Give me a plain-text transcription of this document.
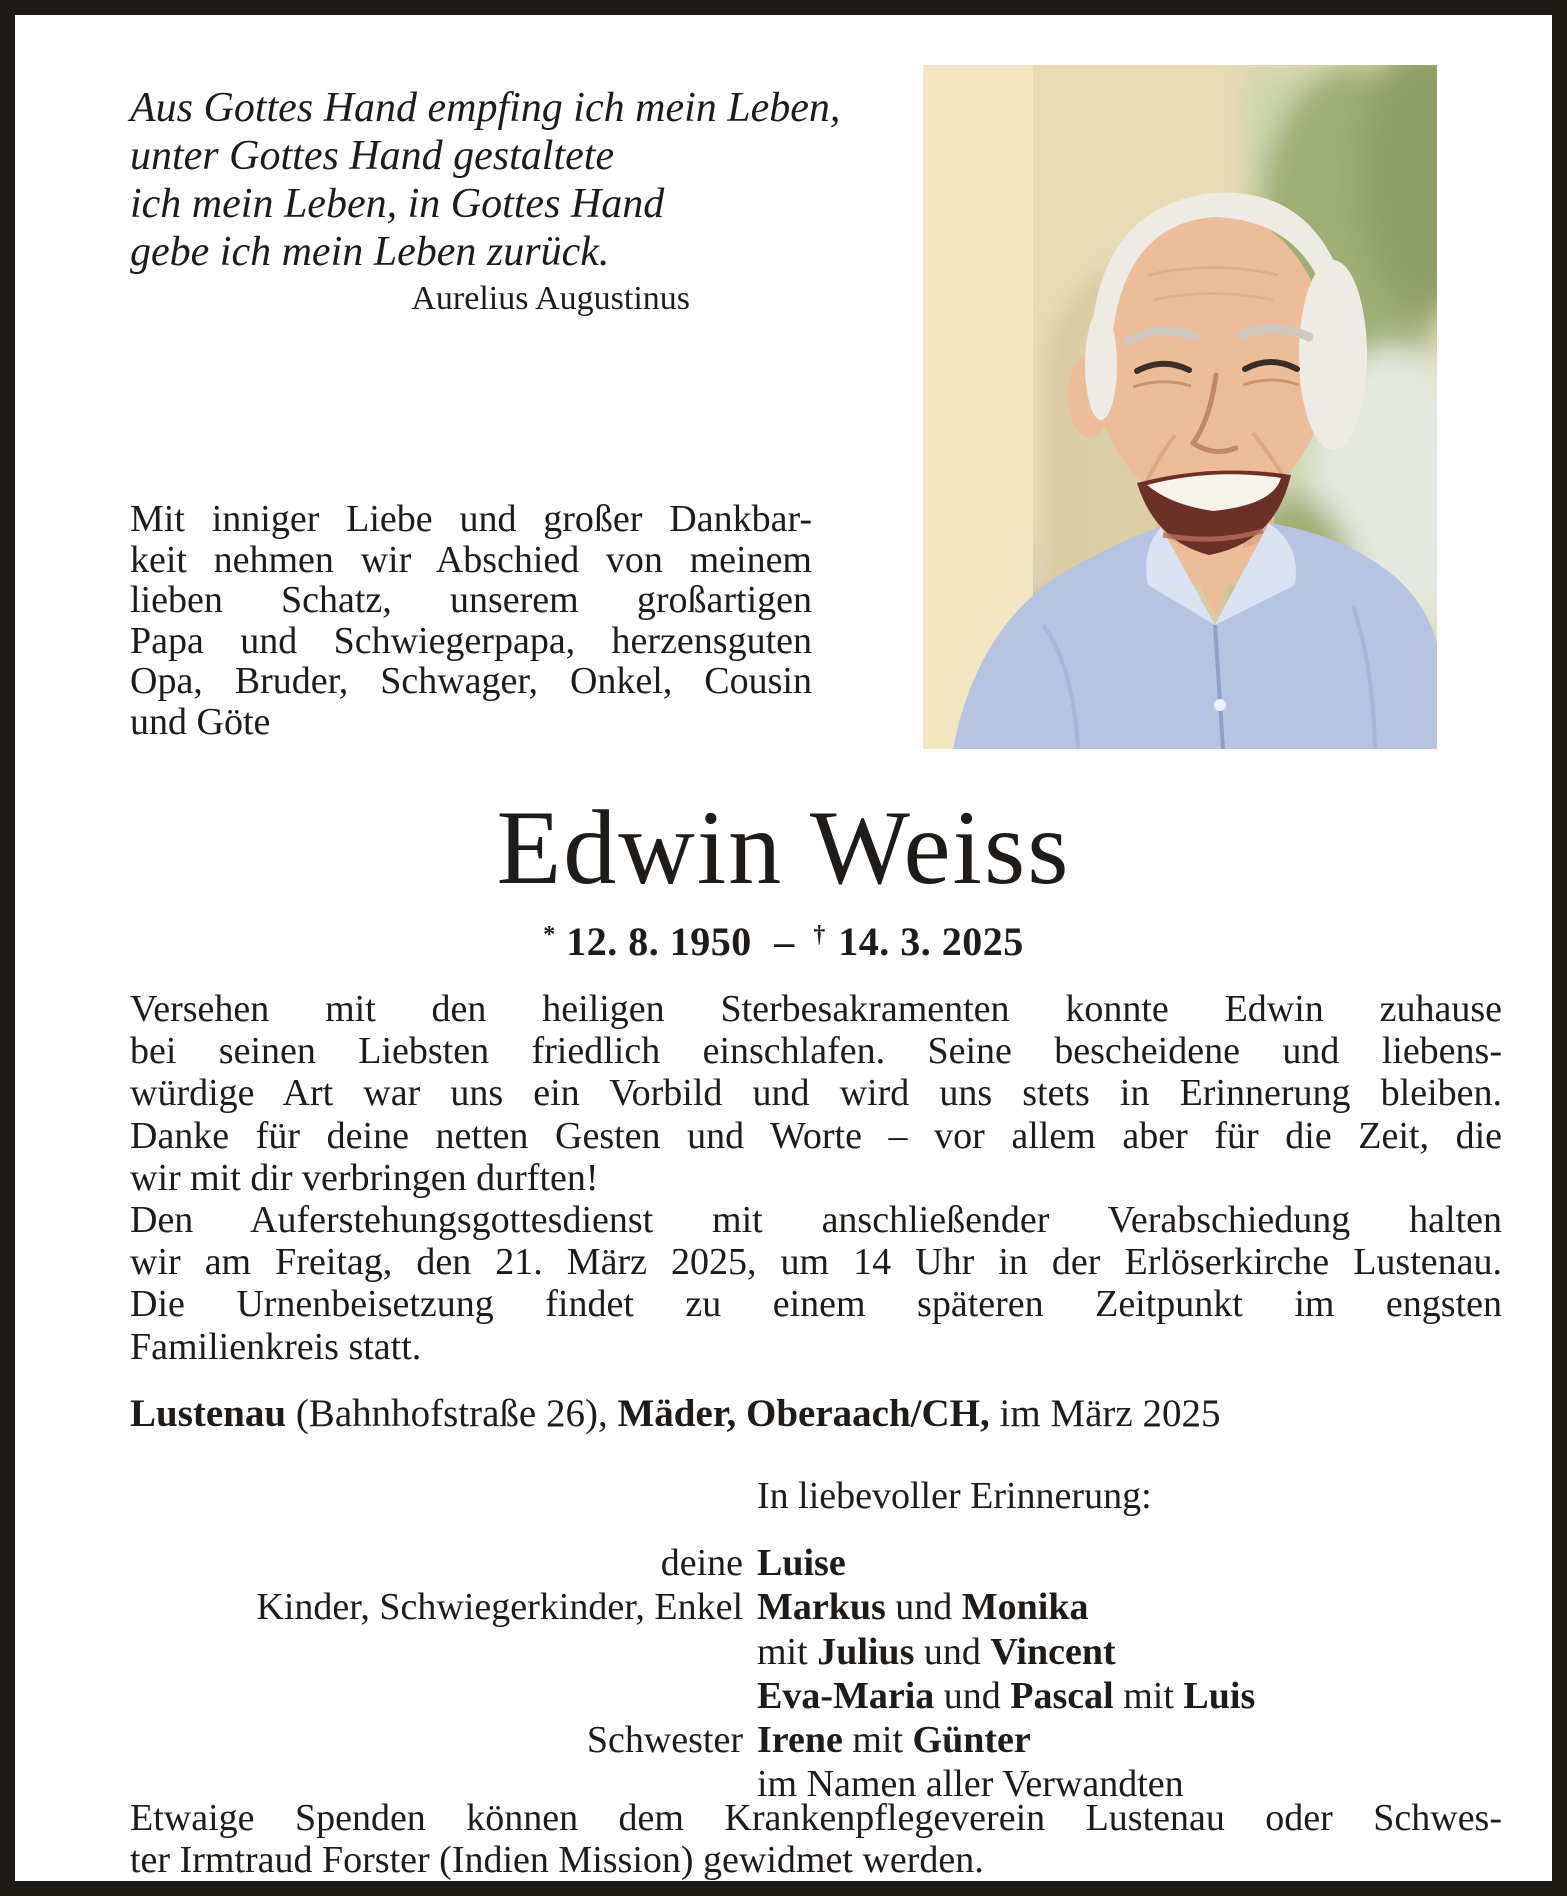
Aus Gottes Hand empfing ich mein Leben,
unter Gottes Hand gestaltete
ich mein Leben, in Gottes Hand
gebe ich mein Leben zurück.
Aurelius Augustinus
Mit inniger Liebe und großer Dankbar-
keit nehmen wir Abschied von meinem
lieben Schatz, unserem großartigen
Papa und Schwiegerpapa, herzensguten
Opa, Bruder, Schwager, Onkel, Cousin
und Göte
Edwin Weiss
* 12. 8. 1950 – † 14. 3. 2025
Versehen mit den heiligen Sterbesakramenten konnte Edwin zuhause
bei seinen Liebsten friedlich einschlafen. Seine bescheidene und liebens-
würdige Art war uns ein Vorbild und wird uns stets in Erinnerung bleiben.
Danke für deine netten Gesten und Worte – vor allem aber für die Zeit, die
wir mit dir verbringen durften!
Den Auferstehungsgottesdienst mit anschließender Verabschiedung halten
wir am Freitag, den 21. März 2025, um 14 Uhr in der Erlöserkirche Lustenau.
Die Urnenbeisetzung findet zu einem späteren Zeitpunkt im engsten
Familienkreis statt.
Lustenau (Bahnhofstraße 26), Mäder, Oberaach/CH, im März 2025
In liebevoller Erinnerung:
deine Luise
Kinder, Schwiegerkinder, Enkel Markus und Monika
mit Julius und Vincent
Eva-Maria und Pascal mit Luis
Schwester Irene mit Günter
im Namen aller Verwandten
Etwaige Spenden können dem Krankenpflegeverein Lustenau oder Schwes-
ter Irmtraud Forster (Indien Mission) gewidmet werden.
